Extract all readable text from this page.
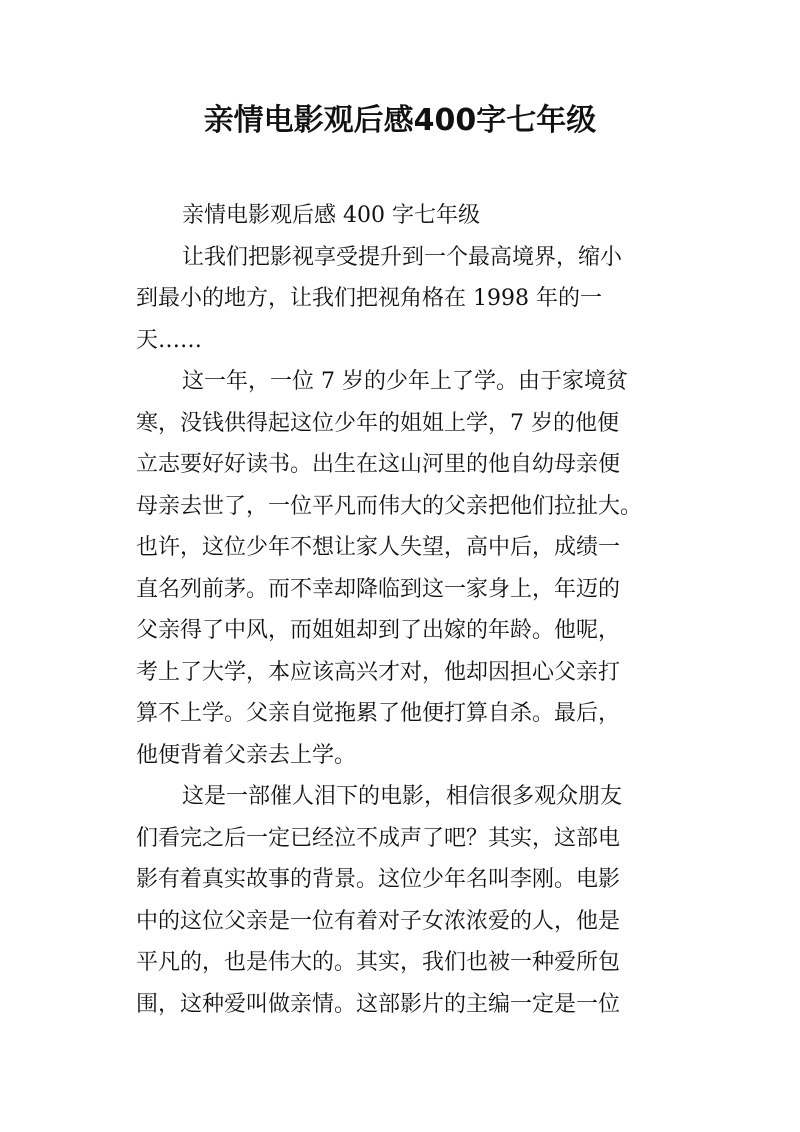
亲情电影观后感400字七年级
亲情电影观后感 400 字七年级
让我们把影视享受提升到一个最高境界，缩小
到最小的地方，让我们把视角格在 1998 年的一
天……
这一年，一位 7 岁的少年上了学。由于家境贫
寒，没钱供得起这位少年的姐姐上学，7 岁的他便
立志要好好读书。出生在这山河里的他自幼母亲便
母亲去世了，一位平凡而伟大的父亲把他们拉扯大。
也许，这位少年不想让家人失望，高中后，成绩一
直名列前茅。而不幸却降临到这一家身上，年迈的
父亲得了中风，而姐姐却到了出嫁的年龄。他呢，
考上了大学，本应该高兴才对，他却因担心父亲打
算不上学。父亲自觉拖累了他便打算自杀。最后，
他便背着父亲去上学。
这是一部催人泪下的电影，相信很多观众朋友
们看完之后一定已经泣不成声了吧？其实，这部电
影有着真实故事的背景。这位少年名叫李刚。电影
中的这位父亲是一位有着对子女浓浓爱的人，他是
平凡的，也是伟大的。其实，我们也被一种爱所包
围，这种爱叫做亲情。这部影片的主编一定是一位
